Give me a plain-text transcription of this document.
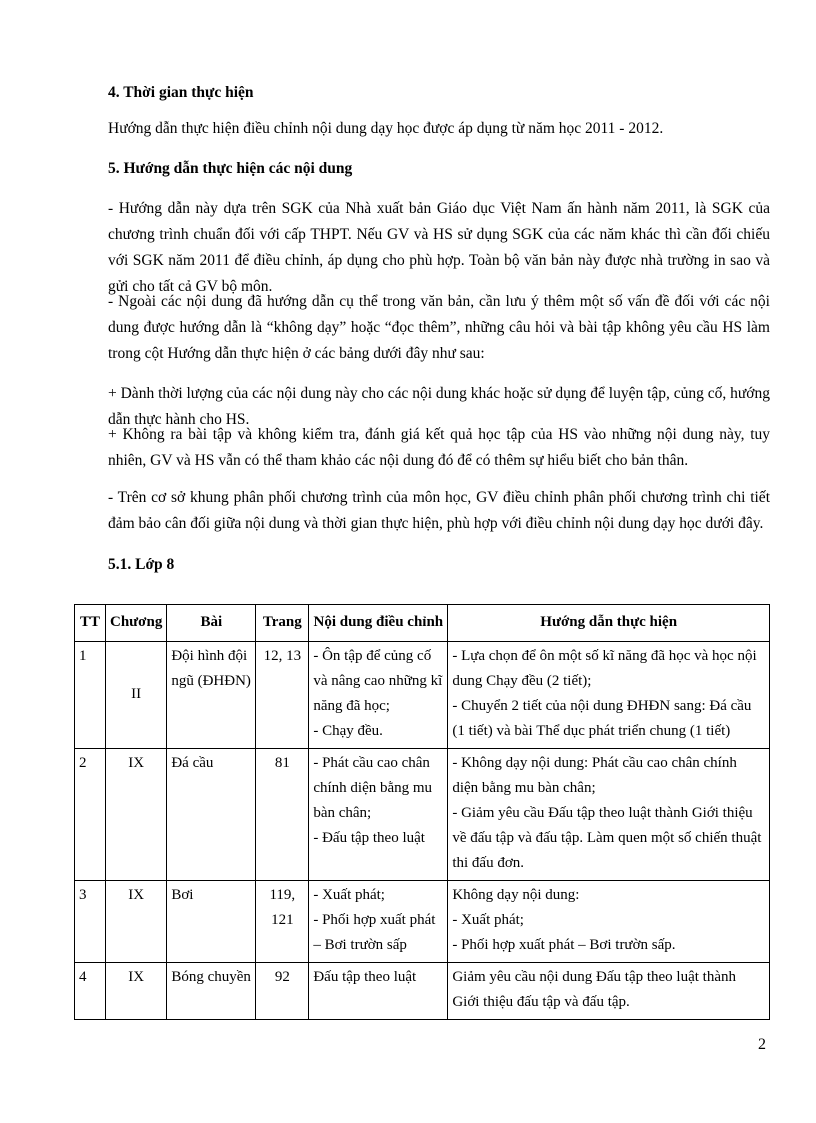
4. Thời gian thực hiện
Hướng dẫn thực hiện điều chỉnh nội dung dạy học được áp dụng từ năm học 2011 - 2012.
5. Hướng dẫn thực hiện các nội dung
- Hướng dẫn này dựa trên SGK của Nhà xuất bản Giáo dục Việt Nam ấn hành năm 2011, là SGK của chương trình chuẩn đối với cấp THPT. Nếu GV và HS sử dụng SGK của các năm khác thì cần đối chiếu với SGK năm 2011 để điều chỉnh, áp dụng cho phù hợp. Toàn bộ văn bản này được nhà trường in sao và gửi cho tất cả GV bộ môn.
- Ngoài các nội dung đã hướng dẫn cụ thể trong văn bản, cần lưu ý thêm một số vấn đề đối với các nội dung được hướng dẫn là “không dạy” hoặc “đọc thêm”, những câu hỏi và bài tập không yêu cầu HS làm trong cột Hướng dẫn thực hiện ở các bảng dưới đây như sau:
+ Dành thời lượng của các nội dung này cho các nội dung khác hoặc sử dụng để luyện tập, củng cố, hướng dẫn thực hành cho HS.
+ Không ra bài tập và không kiểm tra, đánh giá kết quả học tập của HS vào những nội dung này, tuy nhiên, GV và HS vẫn có thể tham khảo các nội dung đó để có thêm sự hiểu biết cho bản thân.
- Trên cơ sở khung phân phối chương trình của môn học, GV điều chỉnh phân phối chương trình chi tiết đảm bảo cân đối giữa nội dung và thời gian thực hiện, phù hợp với điều chỉnh nội dung dạy học dưới đây.
5.1. Lớp 8
TT	Chương	Bài	Trang	Nội dung điều chỉnh	Hướng dẫn thực hiện
1	II	Đội hình đội ngũ (ĐHĐN)	12, 13	- Ôn tập để củng cố và nâng cao những kĩ năng đã học;
- Chạy đều.	- Lựa chọn để ôn một số kĩ năng đã học và học nội dung Chạy đều (2 tiết);
- Chuyển 2 tiết của nội dung ĐHĐN sang: Đá cầu (1 tiết) và bài Thể dục phát triển chung (1 tiết)
2	IX	Đá cầu	81	- Phát cầu cao chân chính diện bằng mu bàn chân;
- Đấu tập theo luật	- Không dạy nội dung: Phát cầu cao chân chính diện bằng mu bàn chân;
- Giảm yêu cầu Đấu tập theo luật thành Giới thiệu về đấu tập và đấu tập. Làm quen một số chiến thuật thi đấu đơn.
3	IX	Bơi	119, 121	- Xuất phát;
- Phối hợp xuất phát – Bơi trườn sấp	Không dạy nội dung:
- Xuất phát;
- Phối hợp xuất phát – Bơi trườn sấp.
4	IX	Bóng chuyền	92	Đấu tập theo luật	Giảm yêu cầu nội dung Đấu tập theo luật thành Giới thiệu đấu tập và đấu tập.
2
